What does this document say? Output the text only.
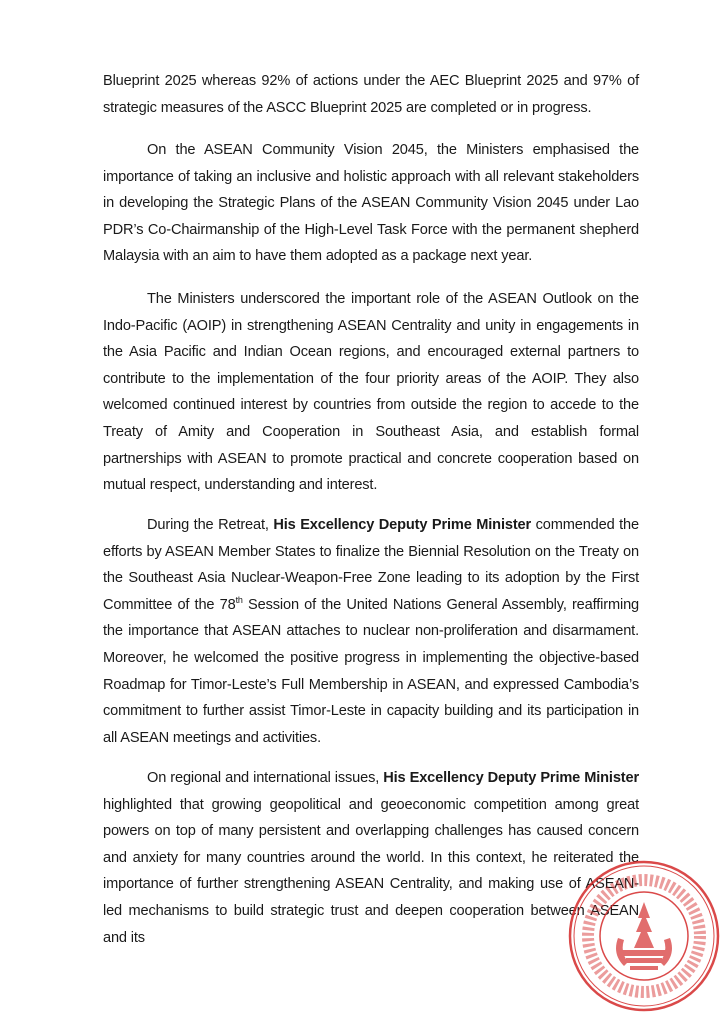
Blueprint 2025 whereas 92% of actions under the AEC Blueprint 2025 and 97% of strategic measures of the ASCC Blueprint 2025 are completed or in progress.

On the ASEAN Community Vision 2045, the Ministers emphasised the importance of taking an inclusive and holistic approach with all relevant stakeholders in developing the Strategic Plans of the ASEAN Community Vision 2045 under Lao PDR’s Co-Chairmanship of the High-Level Task Force with the permanent shepherd Malaysia with an aim to have them adopted as a package next year.

The Ministers underscored the important role of the ASEAN Outlook on the Indo-Pacific (AOIP) in strengthening ASEAN Centrality and unity in engagements in the Asia Pacific and Indian Ocean regions, and encouraged external partners to contribute to the implementation of the four priority areas of the AOIP. They also welcomed continued interest by countries from outside the region to accede to the Treaty of Amity and Cooperation in Southeast Asia, and establish formal partnerships with ASEAN to promote practical and concrete cooperation based on mutual respect, understanding and interest.

During the Retreat, His Excellency Deputy Prime Minister commended the efforts by ASEAN Member States to finalize the Biennial Resolution on the Treaty on the Southeast Asia Nuclear-Weapon-Free Zone leading to its adoption by the First Committee of the 78th Session of the United Nations General Assembly, reaffirming the importance that ASEAN attaches to nuclear non-proliferation and disarmament. Moreover, he welcomed the positive progress in implementing the objective-based Roadmap for Timor-Leste’s Full Membership in ASEAN, and expressed Cambodia’s commitment to further assist Timor-Leste in capacity building and its participation in all ASEAN meetings and activities.

On regional and international issues, His Excellency Deputy Prime Minister highlighted that growing geopolitical and geoeconomic competition among great powers on top of many persistent and overlapping challenges has caused concern and anxiety for many countries around the world. In this context, he reiterated the importance of further strengthening ASEAN Centrality, and making use of ASEAN-led mechanisms to build strategic trust and deepen cooperation between ASEAN and its
